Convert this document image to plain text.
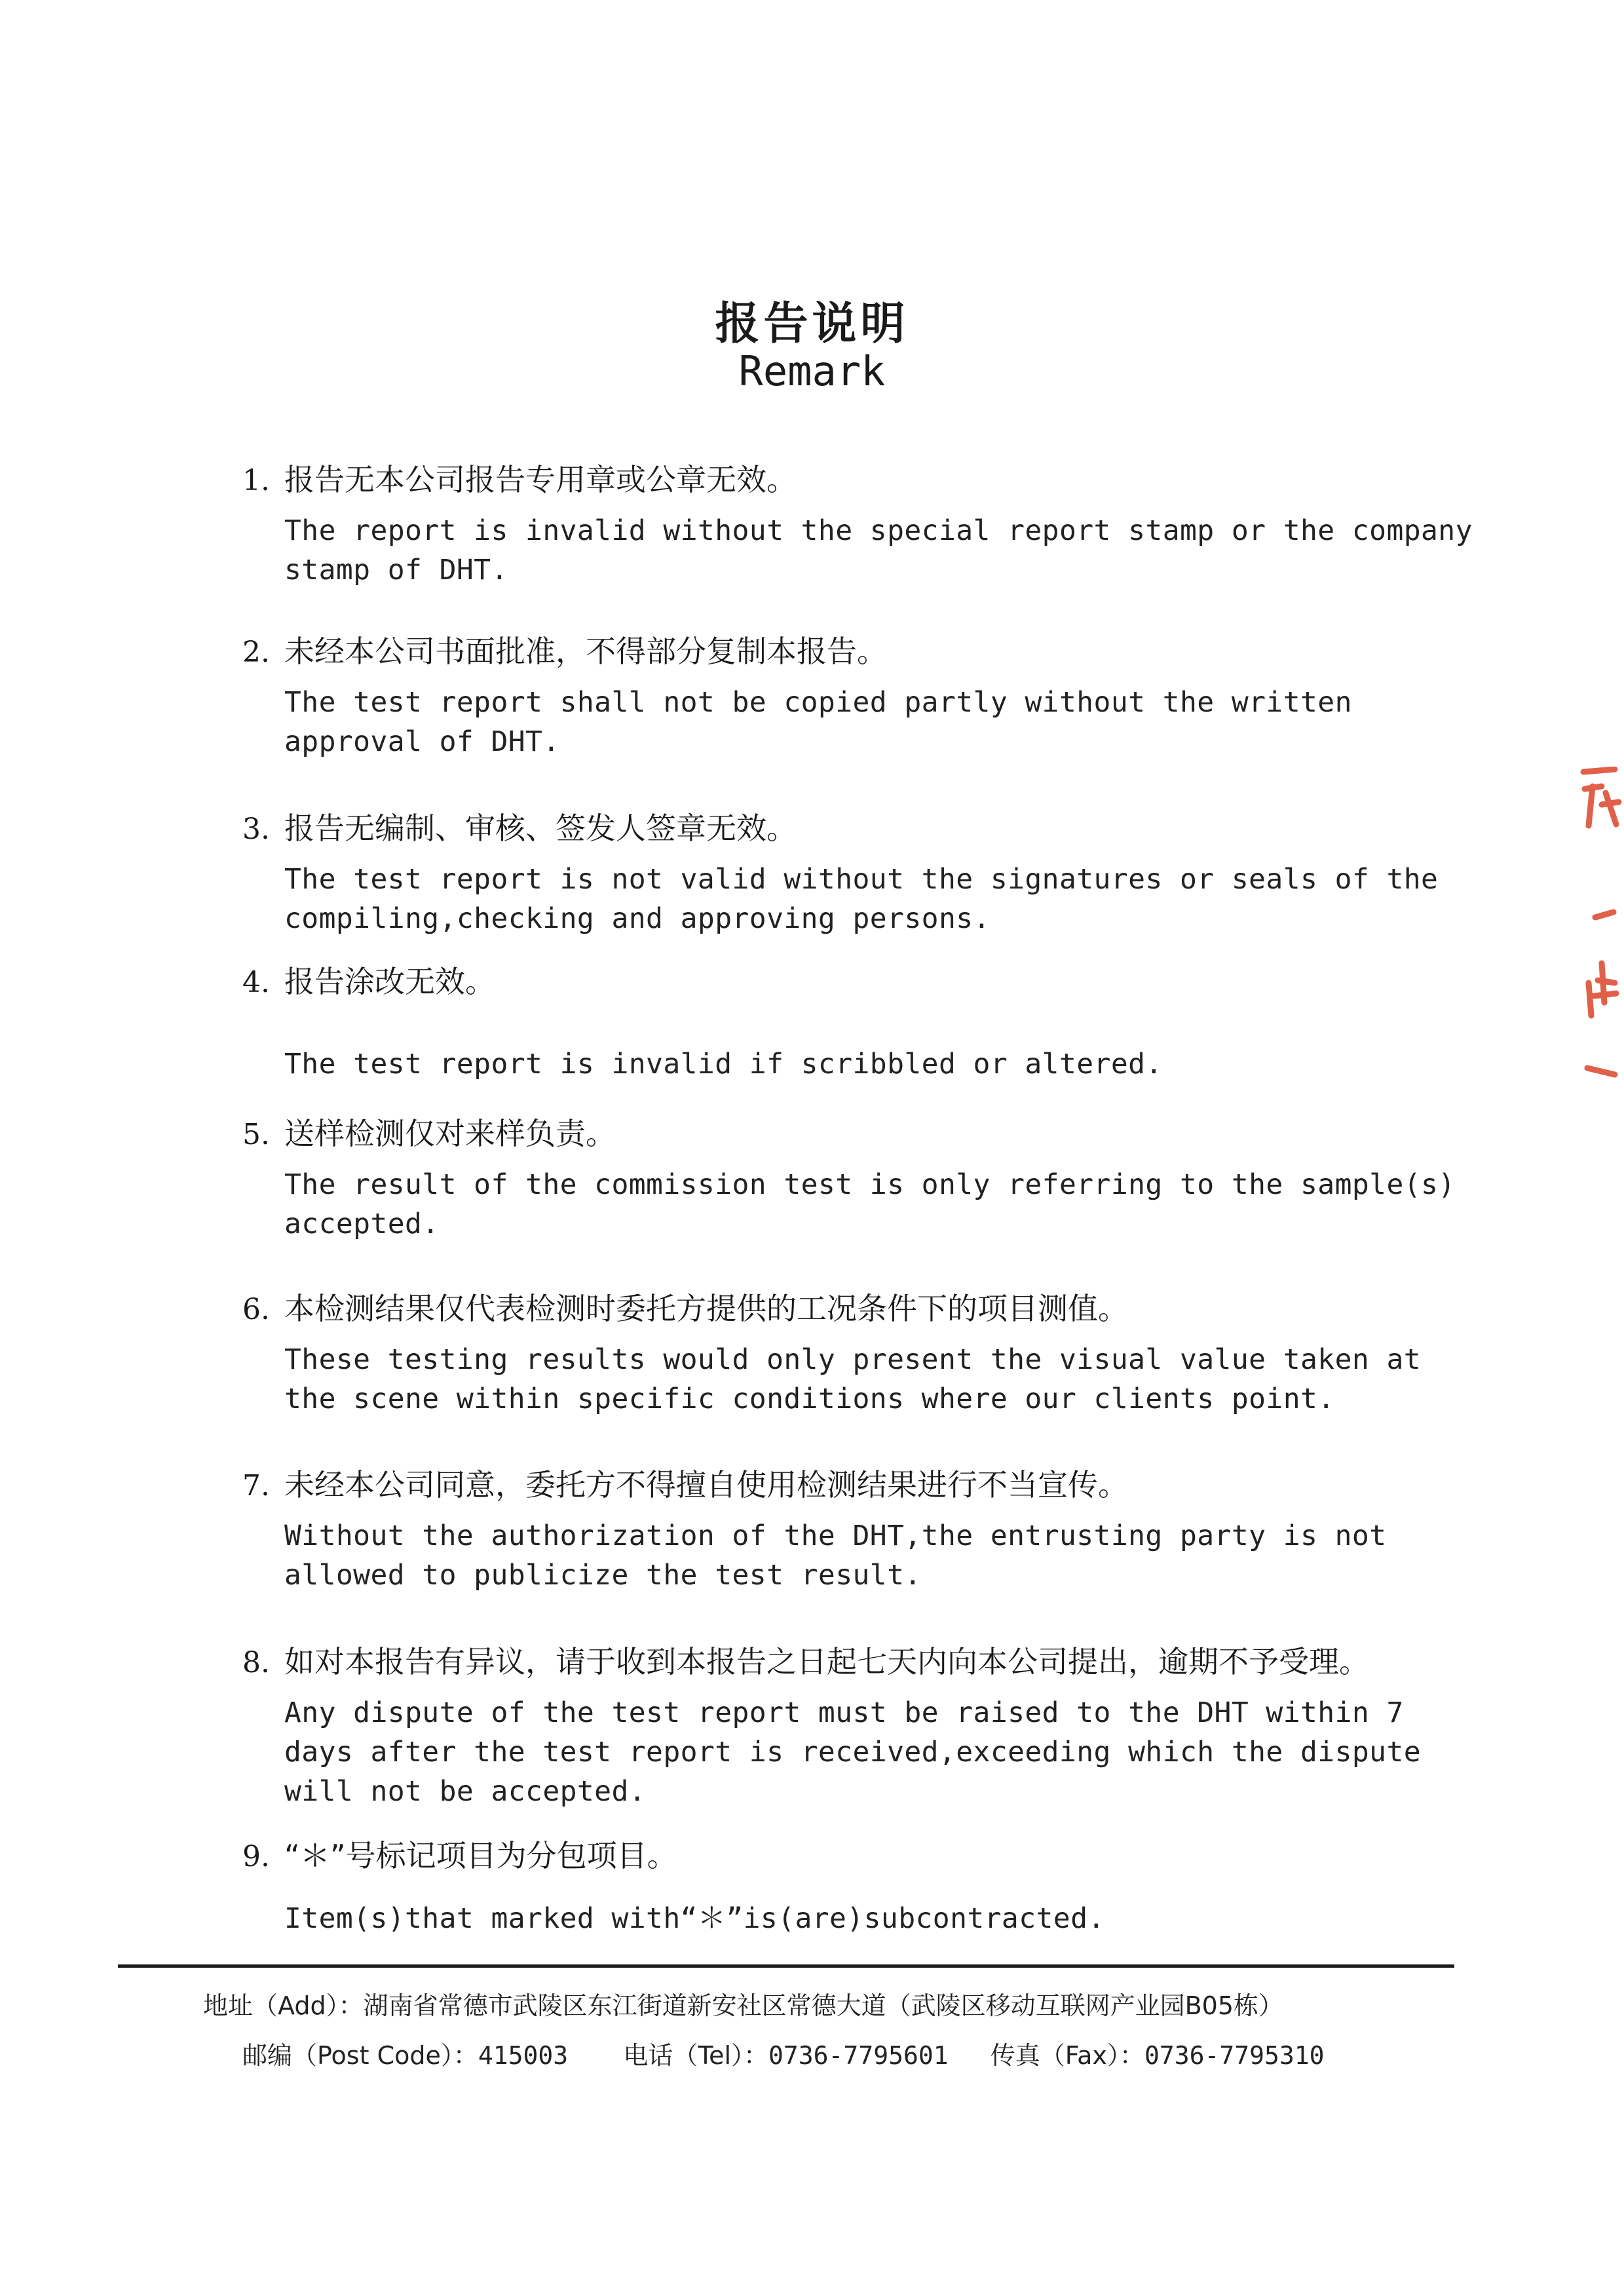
报告说明
Remark
1. 报告无本公司报告专用章或公章无效。
The report is invalid without the special report stamp or the company stamp of DHT.
2. 未经本公司书面批准，不得部分复制本报告。
The test report shall not be copied partly without the written approval of DHT.
3. 报告无编制、审核、签发人签章无效。
The test report is not valid without the signatures or seals of the compiling,checking and approving persons.
4. 报告涂改无效。
The test report is invalid if scribbled or altered.
5. 送样检测仅对来样负责。
The result of the commission test is only referring to the sample(s) accepted.
6. 本检测结果仅代表检测时委托方提供的工况条件下的项目测值。
These testing results would only present the visual value taken at the scene within specific conditions where our clients point.
7. 未经本公司同意，委托方不得擅自使用检测结果进行不当宣传。
Without the authorization of the DHT,the entrusting party is not allowed to publicize the test result.
8. 如对本报告有异议，请于收到本报告之日起七天内向本公司提出，逾期不予受理。
Any dispute of the test report must be raised to the DHT within 7 days after the test report is received,exceeding which the dispute will not be accepted.
9. “＊”号标记项目为分包项目。
Item(s)that marked with“＊”is(are)subcontracted.
地址（Add）：湖南省常德市武陵区东江街道新安社区常德大道（武陵区移动互联网产业园B05栋）
邮编（Post Code）：415003 电话（Tel）：0736-7795601 传真（Fax）：0736-7795310
